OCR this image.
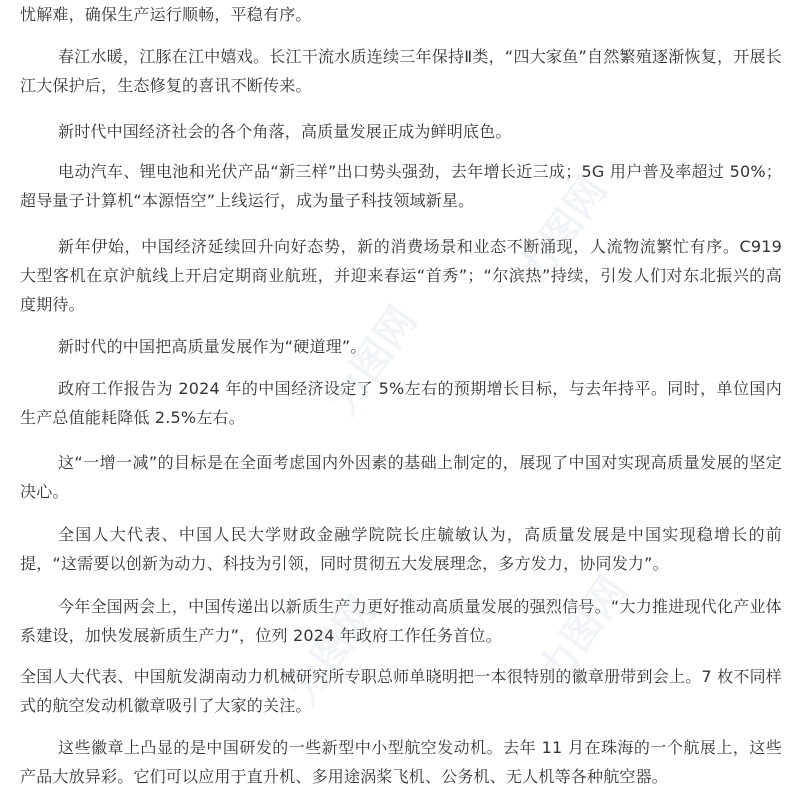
忧解难，确保生产运行顺畅，平稳有序。

春江水暖，江豚在江中嬉戏。长江干流水质连续三年保持Ⅱ类，“四大家鱼”自然繁殖逐渐恢复，开展长江大保护后，生态修复的喜讯不断传来。

新时代中国经济社会的各个角落，高质量发展正成为鲜明底色。

电动汽车、锂电池和光伏产品“新三样”出口势头强劲，去年增长近三成；5G 用户普及率超过 50%；超导量子计算机“本源悟空”上线运行，成为量子科技领域新星。

新年伊始，中国经济延续回升向好态势，新的消费场景和业态不断涌现，人流物流繁忙有序。C919 大型客机在京沪航线上开启定期商业航班，并迎来春运“首秀”；“尔滨热”持续，引发人们对东北振兴的高度期待。

新时代的中国把高质量发展作为“硬道理”。

政府工作报告为 2024 年的中国经济设定了 5%左右的预期增长目标，与去年持平。同时，单位国内生产总值能耗降低 2.5%左右。

这“一增一减”的目标是在全面考虑国内外因素的基础上制定的，展现了中国对实现高质量发展的坚定决心。

全国人大代表、中国人民大学财政金融学院院长庄毓敏认为，高质量发展是中国实现稳增长的前提，“这需要以创新为动力、科技为引领，同时贯彻五大发展理念，多方发力，协同发力”。

今年全国两会上，中国传递出以新质生产力更好推动高质量发展的强烈信号。“大力推进现代化产业体系建设，加快发展新质生产力”，位列 2024 年政府工作任务首位。

全国人大代表、中国航发湖南动力机械研究所专职总师单晓明把一本很特别的徽章册带到会上。7 枚不同样式的航空发动机徽章吸引了大家的关注。

这些徽章上凸显的是中国研发的一些新型中小型航空发动机。去年 11 月在珠海的一个航展上，这些产品大放异彩。它们可以应用于直升机、多用途涡桨飞机、公务机、无人机等各种航空器。

力图网
力图网
力图网
力图网
